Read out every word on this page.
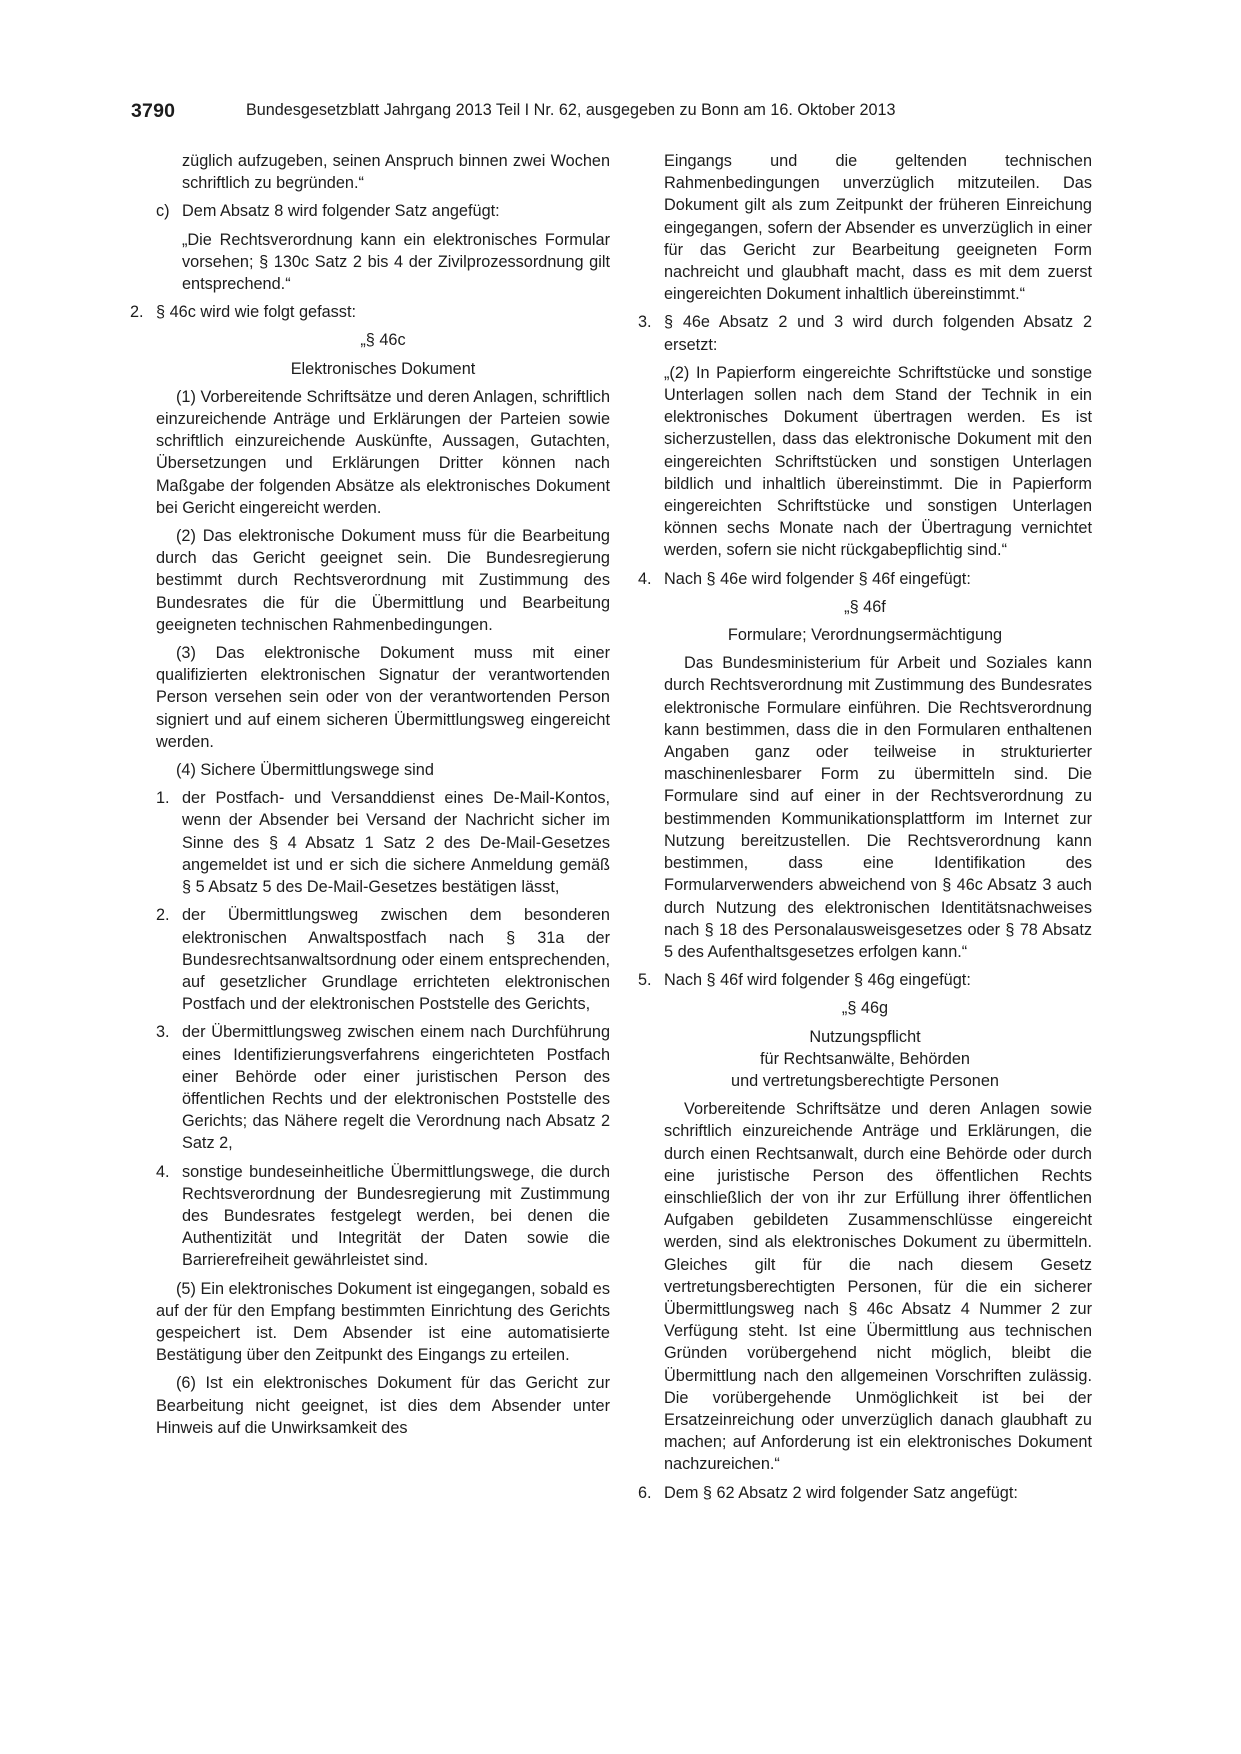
3790	Bundesgesetzblatt Jahrgang 2013 Teil I Nr. 62, ausgegeben zu Bonn am 16. Oktober 2013

züglich aufzugeben, seinen Anspruch binnen zwei Wochen schriftlich zu begründen.“

c) Dem Absatz 8 wird folgender Satz angefügt:

„Die Rechtsverordnung kann ein elektronisches Formular vorsehen; § 130c Satz 2 bis 4 der Zivilprozessordnung gilt entsprechend.“

2. § 46c wird wie folgt gefasst:

„§ 46c

Elektronisches Dokument

(1) Vorbereitende Schriftsätze und deren Anlagen, schriftlich einzureichende Anträge und Erklärungen der Parteien sowie schriftlich einzureichende Auskünfte, Aussagen, Gutachten, Übersetzungen und Erklärungen Dritter können nach Maßgabe der folgenden Absätze als elektronisches Dokument bei Gericht eingereicht werden.

(2) Das elektronische Dokument muss für die Bearbeitung durch das Gericht geeignet sein. Die Bundesregierung bestimmt durch Rechtsverordnung mit Zustimmung des Bundesrates die für die Übermittlung und Bearbeitung geeigneten technischen Rahmenbedingungen.

(3) Das elektronische Dokument muss mit einer qualifizierten elektronischen Signatur der verantwortenden Person versehen sein oder von der verantwortenden Person signiert und auf einem sicheren Übermittlungsweg eingereicht werden.

(4) Sichere Übermittlungswege sind

1. der Postfach- und Versanddienst eines De-Mail-Kontos, wenn der Absender bei Versand der Nachricht sicher im Sinne des § 4 Absatz 1 Satz 2 des De-Mail-Gesetzes angemeldet ist und er sich die sichere Anmeldung gemäß § 5 Absatz 5 des De-Mail-Gesetzes bestätigen lässt,
2. der Übermittlungsweg zwischen dem besonderen elektronischen Anwaltspostfach nach § 31a der Bundesrechtsanwaltsordnung oder einem entsprechenden, auf gesetzlicher Grundlage errichteten elektronischen Postfach und der elektronischen Poststelle des Gerichts,
3. der Übermittlungsweg zwischen einem nach Durchführung eines Identifizierungsverfahrens eingerichteten Postfach einer Behörde oder einer juristischen Person des öffentlichen Rechts und der elektronischen Poststelle des Gerichts; das Nähere regelt die Verordnung nach Absatz 2 Satz 2,
4. sonstige bundeseinheitliche Übermittlungswege, die durch Rechtsverordnung der Bundesregierung mit Zustimmung des Bundesrates festgelegt werden, bei denen die Authentizität und Integrität der Daten sowie die Barrierefreiheit gewährleistet sind.

(5) Ein elektronisches Dokument ist eingegangen, sobald es auf der für den Empfang bestimmten Einrichtung des Gerichts gespeichert ist. Dem Absender ist eine automatisierte Bestätigung über den Zeitpunkt des Eingangs zu erteilen.

(6) Ist ein elektronisches Dokument für das Gericht zur Bearbeitung nicht geeignet, ist dies dem Absender unter Hinweis auf die Unwirksamkeit des

Eingangs und die geltenden technischen Rahmenbedingungen unverzüglich mitzuteilen. Das Dokument gilt als zum Zeitpunkt der früheren Einreichung eingegangen, sofern der Absender es unverzüglich in einer für das Gericht zur Bearbeitung geeigneten Form nachreicht und glaubhaft macht, dass es mit dem zuerst eingereichten Dokument inhaltlich übereinstimmt.“

3. § 46e Absatz 2 und 3 wird durch folgenden Absatz 2 ersetzt:

„(2) In Papierform eingereichte Schriftstücke und sonstige Unterlagen sollen nach dem Stand der Technik in ein elektronisches Dokument übertragen werden. Es ist sicherzustellen, dass das elektronische Dokument mit den eingereichten Schriftstücken und sonstigen Unterlagen bildlich und inhaltlich übereinstimmt. Die in Papierform eingereichten Schriftstücke und sonstigen Unterlagen können sechs Monate nach der Übertragung vernichtet werden, sofern sie nicht rückgabepflichtig sind.“

4. Nach § 46e wird folgender § 46f eingefügt:

„§ 46f

Formulare; Verordnungsermächtigung

Das Bundesministerium für Arbeit und Soziales kann durch Rechtsverordnung mit Zustimmung des Bundesrates elektronische Formulare einführen. Die Rechtsverordnung kann bestimmen, dass die in den Formularen enthaltenen Angaben ganz oder teilweise in strukturierter maschinenlesbarer Form zu übermitteln sind. Die Formulare sind auf einer in der Rechtsverordnung zu bestimmenden Kommunikationsplattform im Internet zur Nutzung bereitzustellen. Die Rechtsverordnung kann bestimmen, dass eine Identifikation des Formularverwenders abweichend von § 46c Absatz 3 auch durch Nutzung des elektronischen Identitätsnachweises nach § 18 des Personalausweisgesetzes oder § 78 Absatz 5 des Aufenthaltsgesetzes erfolgen kann.“

5. Nach § 46f wird folgender § 46g eingefügt:

„§ 46g

Nutzungspflicht

für Rechtsanwälte, Behörden

und vertretungsberechtigte Personen

Vorbereitende Schriftsätze und deren Anlagen sowie schriftlich einzureichende Anträge und Erklärungen, die durch einen Rechtsanwalt, durch eine Behörde oder durch eine juristische Person des öffentlichen Rechts einschließlich der von ihr zur Erfüllung ihrer öffentlichen Aufgaben gebildeten Zusammenschlüsse eingereicht werden, sind als elektronisches Dokument zu übermitteln. Gleiches gilt für die nach diesem Gesetz vertretungsberechtigten Personen, für die ein sicherer Übermittlungsweg nach § 46c Absatz 4 Nummer 2 zur Verfügung steht. Ist eine Übermittlung aus technischen Gründen vorübergehend nicht möglich, bleibt die Übermittlung nach den allgemeinen Vorschriften zulässig. Die vorübergehende Unmöglichkeit ist bei der Ersatzeinreichung oder unverzüglich danach glaubhaft zu machen; auf Anforderung ist ein elektronisches Dokument nachzureichen.“

6. Dem § 62 Absatz 2 wird folgender Satz angefügt:
